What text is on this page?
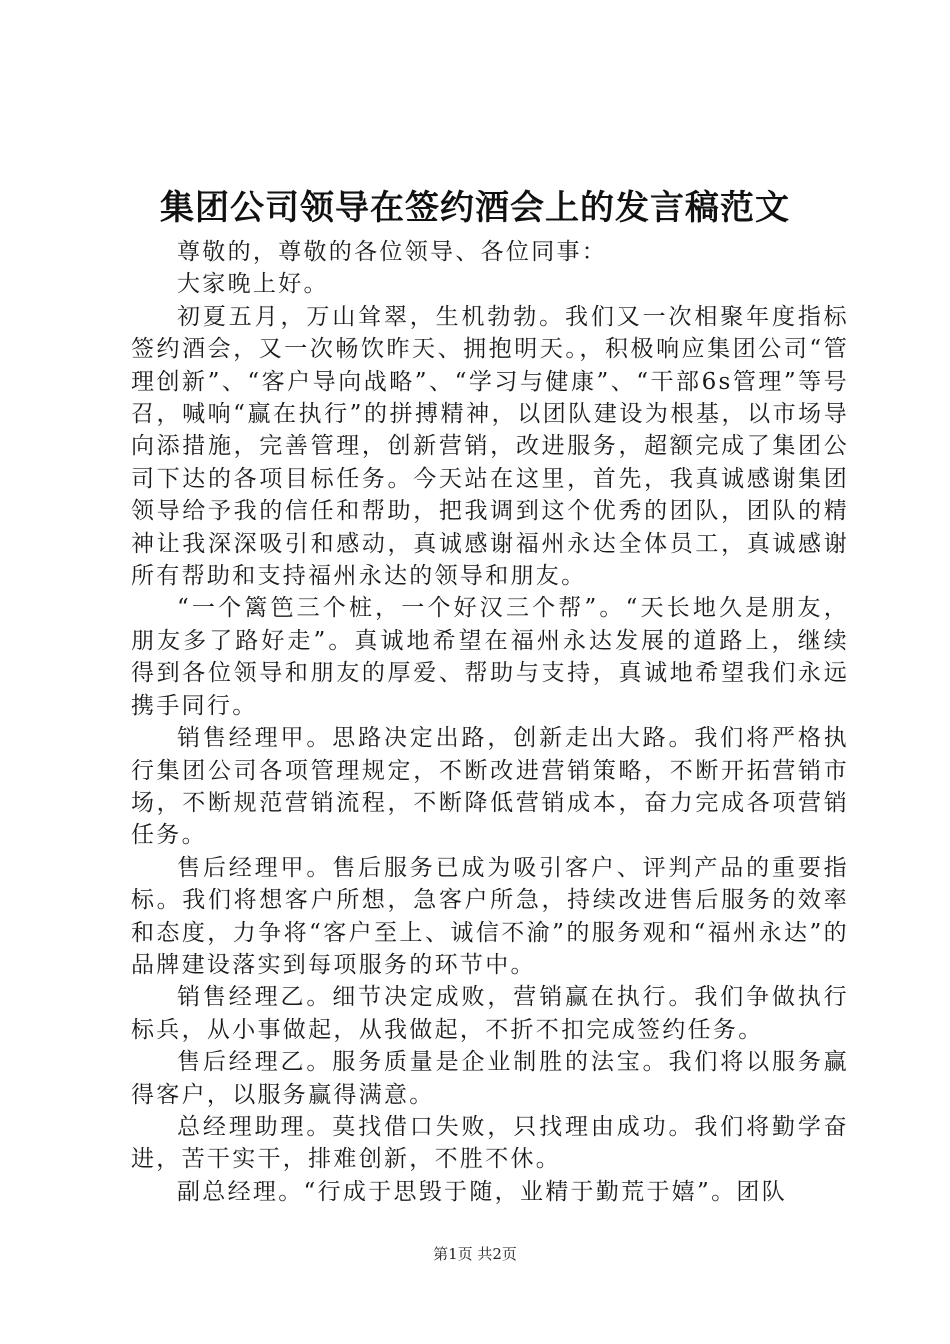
集团公司领导在签约酒会上的发言稿范文

尊敬的，尊敬的各位领导、各位同事：

大家晚上好。

初夏五月，万山耸翠，生机勃勃。我们又一次相聚年度指标签约酒会，又一次畅饮昨天、拥抱明天。，积极响应集团公司“管理创新”、“客户导向战略”、“学习与健康”、“干部6s管理”等号召，喊响“赢在执行”的拼搏精神，以团队建设为根基，以市场导向添措施，完善管理，创新营销，改进服务，超额完成了集团公司下达的各项目标任务。今天站在这里，首先，我真诚感谢集团领导给予我的信任和帮助，把我调到这个优秀的团队，团队的精神让我深深吸引和感动，真诚感谢福州永达全体员工，真诚感谢所有帮助和支持福州永达的领导和朋友。

“一个篱笆三个桩，一个好汉三个帮”。“天长地久是朋友，朋友多了路好走”。真诚地希望在福州永达发展的道路上，继续得到各位领导和朋友的厚爱、帮助与支持，真诚地希望我们永远携手同行。

销售经理甲。思路决定出路，创新走出大路。我们将严格执行集团公司各项管理规定，不断改进营销策略，不断开拓营销市场，不断规范营销流程，不断降低营销成本，奋力完成各项营销任务。

售后经理甲。售后服务已成为吸引客户、评判产品的重要指标。我们将想客户所想，急客户所急，持续改进售后服务的效率和态度，力争将“客户至上、诚信不渝”的服务观和“福州永达”的品牌建设落实到每项服务的环节中。

销售经理乙。细节决定成败，营销赢在执行。我们争做执行标兵，从小事做起，从我做起，不折不扣完成签约任务。

售后经理乙。服务质量是企业制胜的法宝。我们将以服务赢得客户，以服务赢得满意。

总经理助理。莫找借口失败，只找理由成功。我们将勤学奋进，苦干实干，排难创新，不胜不休。

副总经理。“行成于思毁于随，业精于勤荒于嬉”。团队

第1页 共2页
